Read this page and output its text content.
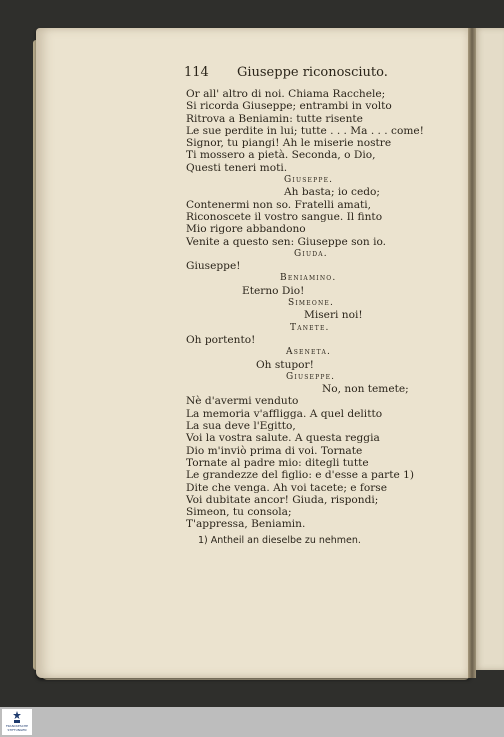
114 Giuseppe riconosciuto.
Or all' altro di noi. Chiama Racchele;
Si ricorda Giuseppe; entrambi in volto
Ritrova a Beniamin: tutte risente
Le sue perdite in lui; tutte . . . Ma . . . come!
Signor, tu piangi! Ah le miserie nostre
Ti mossero a pietà. Seconda, o Dio,
Questi teneri moti.
Giuseppe.
Ah basta; io cedo;
Contenermi non so. Fratelli amati,
Riconoscete il vostro sangue. Il finto
Mio rigore abbandono
Venite a questo sen: Giuseppe son io.
Giuda.
Giuseppe!
Beniamino.
Eterno Dio!
Simeone.
Miseri noi!
Tanete.
Oh portento!
Aseneta.
Oh stupor!
Giuseppe.
No, non temete;
Nè d'avermi venduto
La memoria v'affligga. A quel delitto
La sua deve l'Egitto,
Voi la vostra salute. A questa reggia
Dio m'inviò prima di voi. Tornate
Tornate al padre mio: ditegli tutte
Le grandezze del figlio: e d'esse a parte 1)
Dite che venga. Ah voi tacete; e forse
Voi dubitate ancor! Giuda, rispondi;
Simeon, tu consola;
T'appressa, Beniamin.
1) Antheil an dieselbe zu nehmen.
FRANCKESCHE STIFTUNGEN
